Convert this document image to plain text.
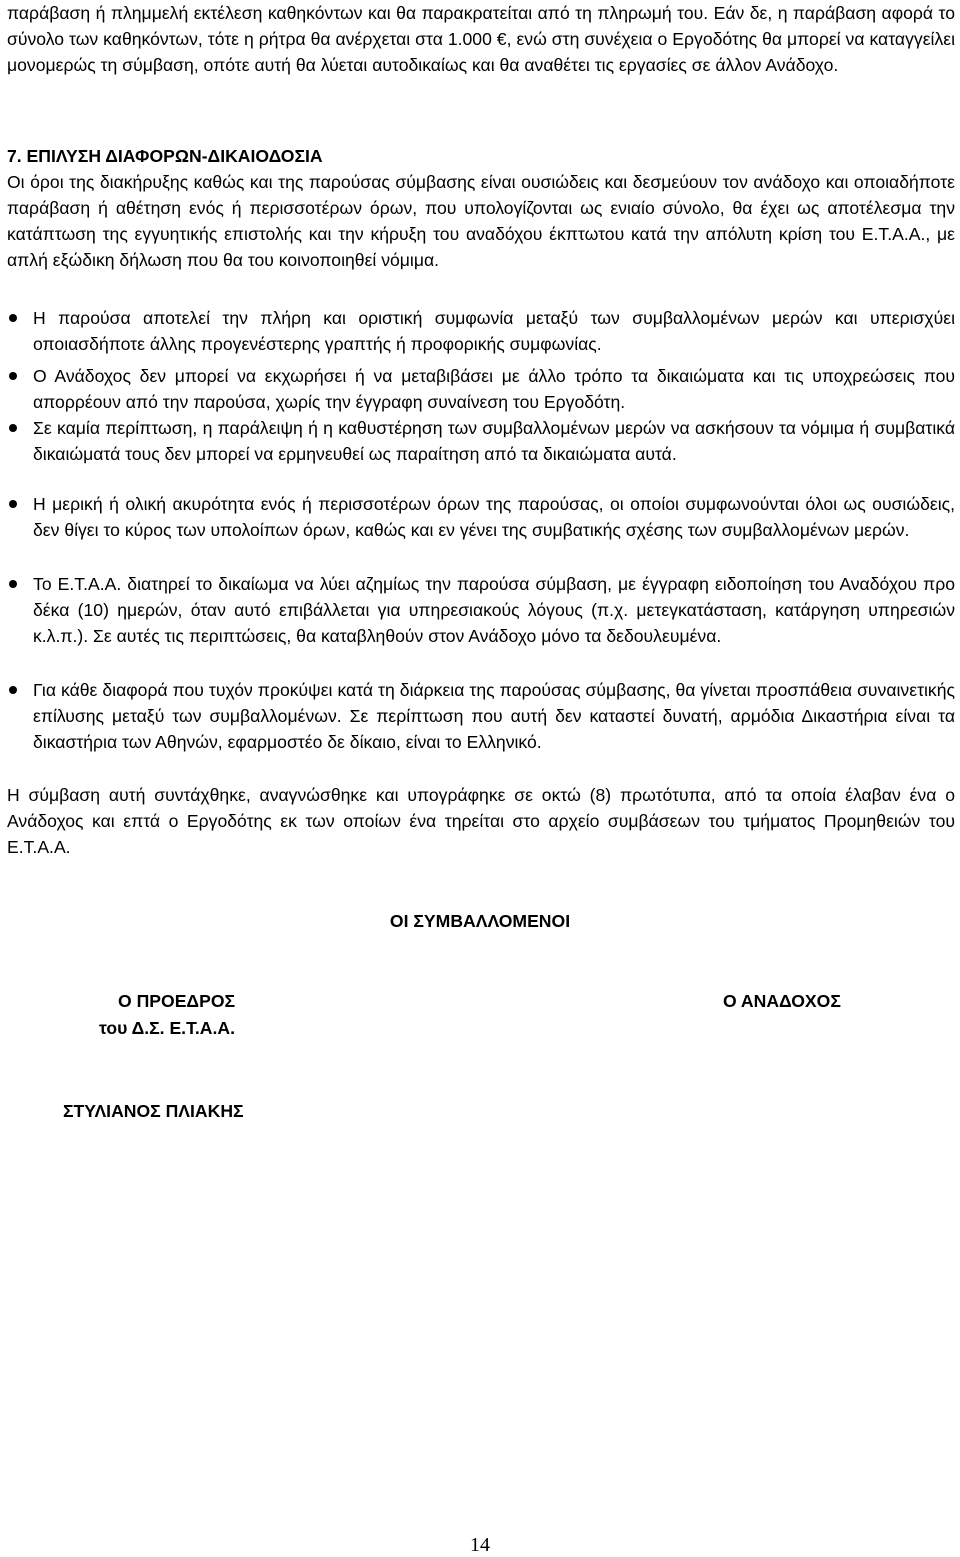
παράβαση ή πλημμελή εκτέλεση καθηκόντων και θα παρακρατείται από τη πληρωμή του. Εάν δε, η παράβαση αφορά το σύνολο των καθηκόντων, τότε η ρήτρα θα ανέρχεται στα 1.000 €, ενώ στη συνέχεια ο Εργοδότης θα μπορεί να καταγγείλει μονομερώς τη σύμβαση, οπότε αυτή θα λύεται αυτοδικαίως και θα αναθέτει τις εργασίες σε άλλον Ανάδοχο.

7. ΕΠΙΛΥΣΗ ΔΙΑΦΟΡΩΝ-ΔΙΚΑΙΟΔΟΣΙΑ

Οι όροι της διακήρυξης καθώς και της παρούσας σύμβασης είναι ουσιώδεις και δεσμεύουν τον ανάδοχο και οποιαδήποτε παράβαση ή αθέτηση ενός ή περισσοτέρων όρων, που υπολογίζονται ως ενιαίο σύνολο, θα έχει ως αποτέλεσμα την κατάπτωση της εγγυητικής επιστολής και την κήρυξη του αναδόχου έκπτωτου κατά την απόλυτη κρίση του Ε.Τ.Α.Α., με απλή εξώδικη δήλωση που θα του κοινοποιηθεί νόμιμα.

Η παρούσα αποτελεί την πλήρη και οριστική συμφωνία μεταξύ των συμβαλλομένων μερών και υπερισχύει οποιασδήποτε άλλης προγενέστερης γραπτής ή προφορικής συμφωνίας.

Ο Ανάδοχος δεν μπορεί να εκχωρήσει ή να μεταβιβάσει με άλλο τρόπο τα δικαιώματα και τις υποχρεώσεις που απορρέουν από την παρούσα, χωρίς την έγγραφη συναίνεση του Εργοδότη.

Σε καμία περίπτωση, η παράλειψη ή η καθυστέρηση των συμβαλλομένων μερών να ασκήσουν τα νόμιμα ή συμβατικά δικαιώματά τους δεν μπορεί να ερμηνευθεί ως παραίτηση από τα δικαιώματα αυτά.

Η μερική ή ολική ακυρότητα ενός ή περισσοτέρων όρων της παρούσας, οι οποίοι συμφωνούνται όλοι ως ουσιώδεις, δεν θίγει το κύρος των υπολοίπων όρων, καθώς και εν γένει της συμβατικής σχέσης των συμβαλλομένων μερών.

Το Ε.Τ.Α.Α. διατηρεί το δικαίωμα να λύει αζημίως την παρούσα σύμβαση, με έγγραφη ειδοποίηση του Αναδόχου προ δέκα (10) ημερών, όταν αυτό επιβάλλεται για υπηρεσιακούς λόγους (π.χ. μετεγκατάσταση, κατάργηση υπηρεσιών κ.λ.π.). Σε αυτές τις περιπτώσεις, θα καταβληθούν στον Ανάδοχο μόνο τα δεδουλευμένα.

Για κάθε διαφορά που τυχόν προκύψει κατά τη διάρκεια της παρούσας σύμβασης, θα γίνεται προσπάθεια συναινετικής επίλυσης μεταξύ των συμβαλλομένων. Σε περίπτωση που αυτή δεν καταστεί δυνατή, αρμόδια Δικαστήρια είναι τα δικαστήρια των Αθηνών, εφαρμοστέο δε δίκαιο, είναι το Ελληνικό.

Η σύμβαση αυτή συντάχθηκε, αναγνώσθηκε και υπογράφηκε σε οκτώ (8) πρωτότυπα, από τα οποία έλαβαν ένα ο Ανάδοχος και επτά ο Εργοδότης εκ των οποίων ένα τηρείται στο αρχείο συμβάσεων του τμήματος Προμηθειών του Ε.Τ.Α.Α.

ΟΙ ΣΥΜΒΑΛΛΟΜΕΝΟΙ

Ο ΠΡΟΕΔΡΟΣ

του Δ.Σ. Ε.Τ.Α.Α.

Ο ΑΝΑΔΟΧΟΣ

ΣΤΥΛΙΑΝΟΣ ΠΛΙΑΚΗΣ

14
